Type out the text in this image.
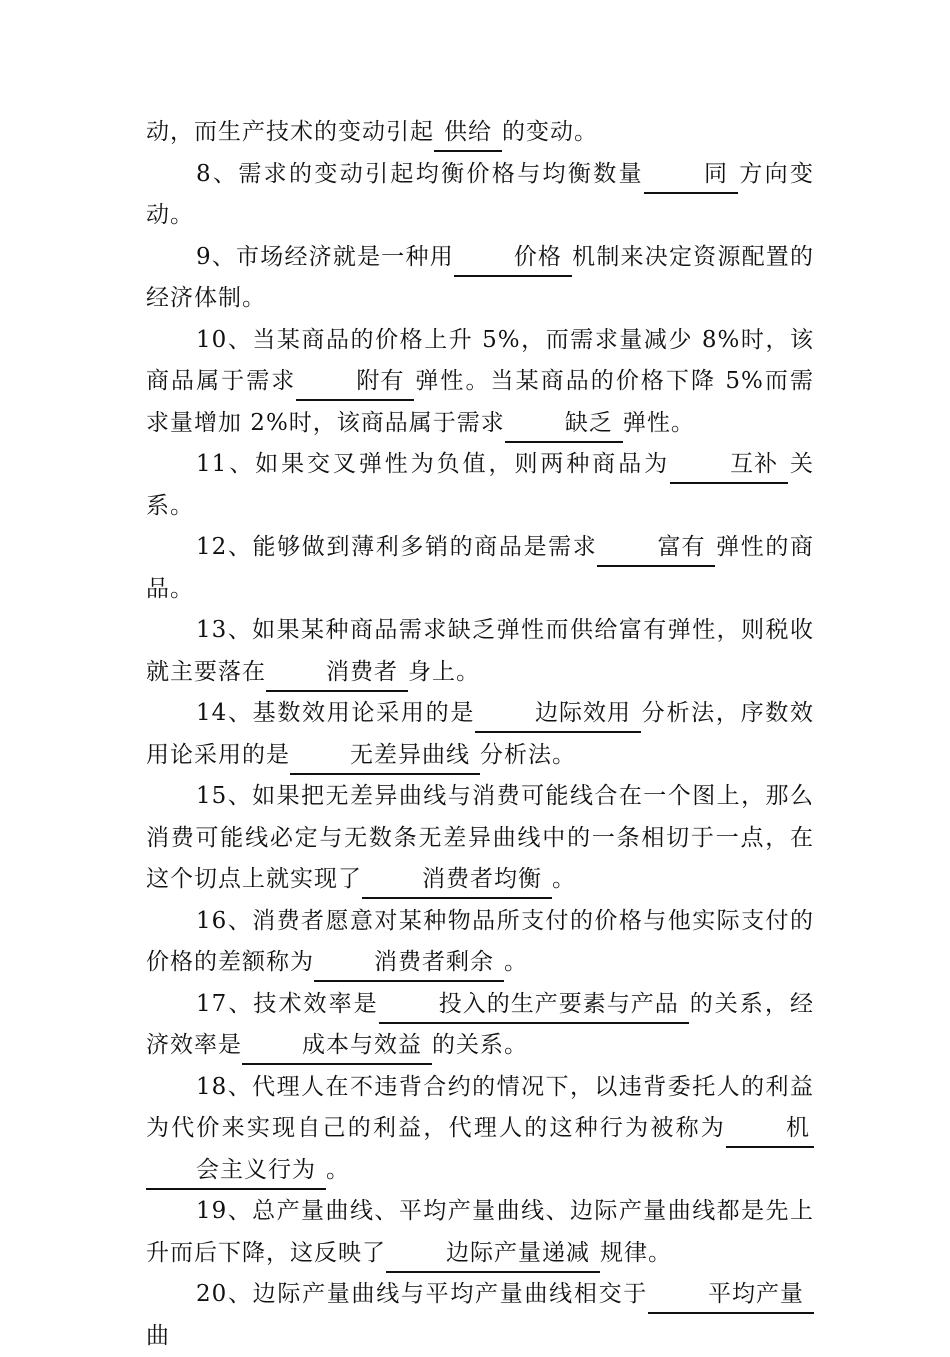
动，而生产技术的变动引起 供给 的变动。

8、需求的变动引起均衡价格与均衡数量	同 方向变动。

9、市场经济就是一种用	价格 机制来决定资源配置的经济体制。

10、当某商品的价格上升 5%，而需求量减少 8%时，该商品属于需求	附有 弹性。当某商品的价格下降 5%而需求量增加 2%时，该商品属于需求	缺乏 弹性。

11、如果交叉弹性为负值，则两种商品为	互补 关系。

12、能够做到薄利多销的商品是需求	富有 弹性的商品。

13、如果某种商品需求缺乏弹性而供给富有弹性，则税收就主要落在	消费者 身上。

14、基数效用论采用的是	边际效用 分析法，序数效用论采用的是	无差异曲线 分析法。

15、如果把无差异曲线与消费可能线合在一个图上，那么消费可能线必定与无数条无差异曲线中的一条相切于一点，在这个切点上就实现了	消费者均衡 。

16、消费者愿意对某种物品所支付的价格与他实际支付的价格的差额称为	消费者剩余 。

17、技术效率是	投入的生产要素与产品 的关系，经济效率是	成本与效益 的关系。

18、代理人在不违背合约的情况下，以违背委托人的利益为代价来实现自己的利益，代理人的这种行为被称为	机会主义行为 。

19、总产量曲线、平均产量曲线、边际产量曲线都是先上升而后下降，这反映了	边际产量递减 规律。

20、边际产量曲线与平均产量曲线相交于	平均产量曲
